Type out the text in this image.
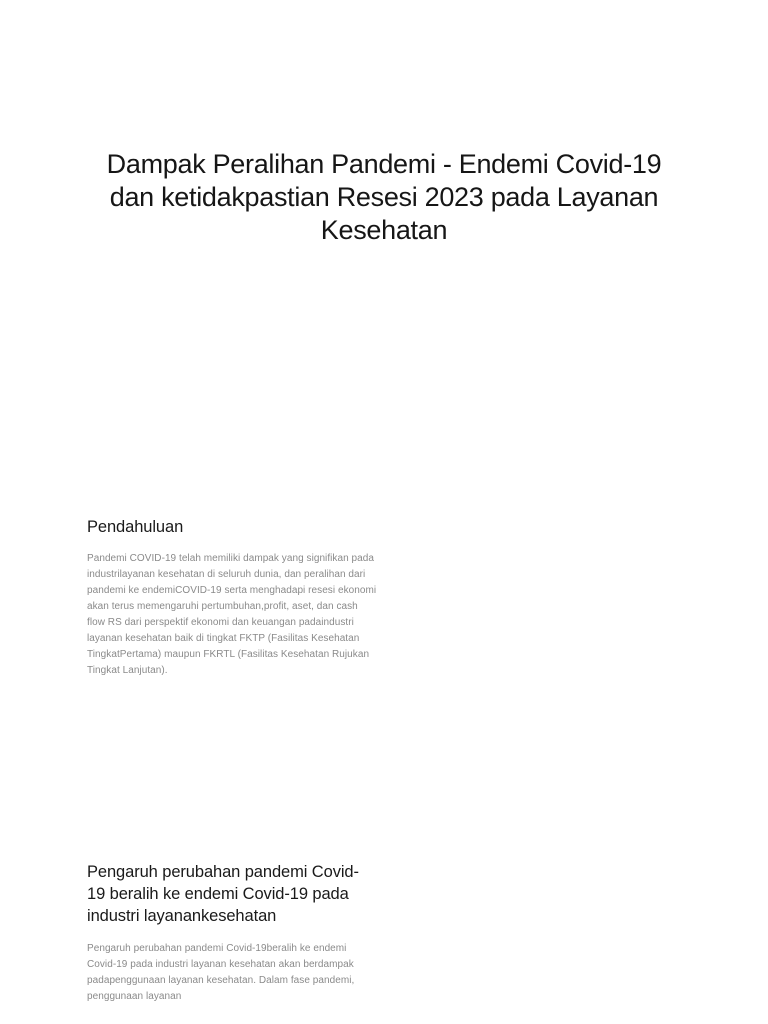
Dampak Peralihan Pandemi - Endemi Covid-19 dan ketidakpastian Resesi 2023 pada Layanan Kesehatan
Pendahuluan

Pandemi COVID-19 telah memiliki dampak yang signifikan pada industrilayanan kesehatan di seluruh dunia, dan peralihan dari pandemi ke endemiCOVID-19 serta menghadapi resesi ekonomi akan terus memengaruhi pertumbuhan,profit, aset, dan cash flow RS dari perspektif ekonomi dan keuangan padaindustri layanan kesehatan baik di tingkat FKTP (Fasilitas Kesehatan TingkatPertama) maupun FKRTL (Fasilitas Kesehatan Rujukan Tingkat Lanjutan).

Pengaruh perubahan pandemi Covid-19 beralih ke endemi Covid-19 pada industri layanankesehatan

Pengaruh perubahan pandemi Covid-19beralih ke endemi Covid-19 pada industri layanan kesehatan akan berdampak padapenggunaan layanan kesehatan. Dalam fase pandemi, penggunaan layanan
